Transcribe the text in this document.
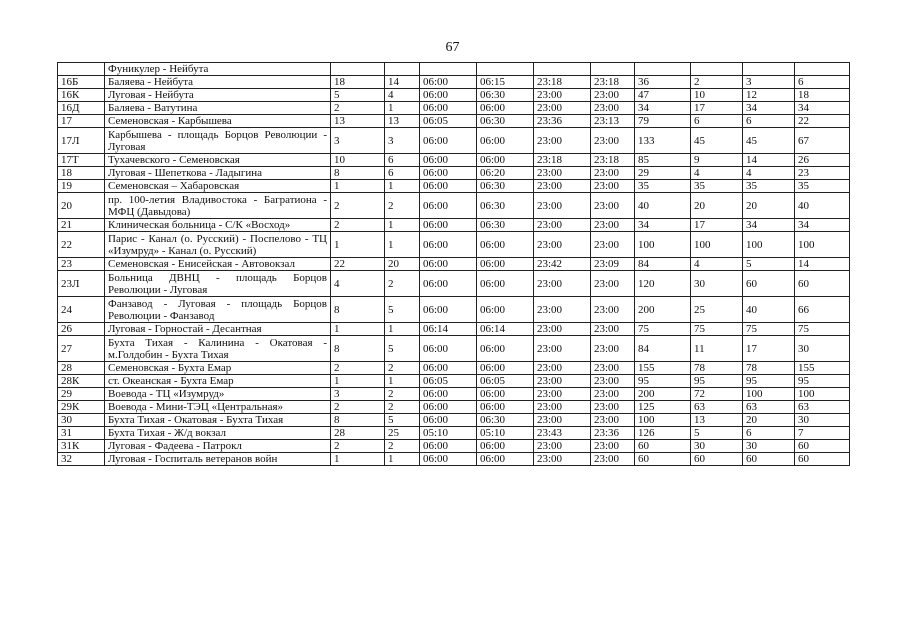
67
	Фуникулер - Нейбута										
16Б	Баляева - Нейбута	18	14	06:00	06:15	23:18	23:18	36	2	3	6
16К	Луговая - Нейбута	5	4	06:00	06:30	23:00	23:00	47	10	12	18
16Д	Баляева - Ватутина	2	1	06:00	06:00	23:00	23:00	34	17	34	34
17	Семеновская - Карбышева	13	13	06:05	06:30	23:36	23:13	79	6	6	22
17Л	Карбышева - площадь Борцов Революции - Луговая	3	3	06:00	06:00	23:00	23:00	133	45	45	67
17Т	Тухачевского - Семеновская	10	6	06:00	06:00	23:18	23:18	85	9	14	26
18	Луговая - Шепеткова - Ладыгина	8	6	06:00	06:20	23:00	23:00	29	4	4	23
19	Семеновская – Хабаровская	1	1	06:00	06:30	23:00	23:00	35	35	35	35
20	пр. 100-летия Владивостока - Багратиона - МФЦ (Давыдова)	2	2	06:00	06:30	23:00	23:00	40	20	20	40
21	Клиническая больница - С/К «Восход»	2	1	06:00	06:30	23:00	23:00	34	17	34	34
22	Парис - Канал (о. Русский) - Поспелово - ТЦ «Изумруд» - Канал (о. Русский)	1	1	06:00	06:00	23:00	23:00	100	100	100	100
23	Семеновская - Енисейская - Автовокзал	22	20	06:00	06:00	23:42	23:09	84	4	5	14
23Л	Больница ДВНЦ - площадь Борцов Революции - Луговая	4	2	06:00	06:00	23:00	23:00	120	30	60	60
24	Фанзавод - Луговая - площадь Борцов Революции - Фанзавод	8	5	06:00	06:00	23:00	23:00	200	25	40	66
26	Луговая - Горностай - Десантная	1	1	06:14	06:14	23:00	23:00	75	75	75	75
27	Бухта Тихая - Калинина - Окатовая - м.Голдобин - Бухта Тихая	8	5	06:00	06:00	23:00	23:00	84	11	17	30
28	Семеновская - Бухта Емар	2	2	06:00	06:00	23:00	23:00	155	78	78	155
28К	ст. Океанская - Бухта Емар	1	1	06:05	06:05	23:00	23:00	95	95	95	95
29	Воевода - ТЦ «Изумруд»	3	2	06:00	06:00	23:00	23:00	200	72	100	100
29К	Воевода - Мини-ТЭЦ «Центральная»	2	2	06:00	06:00	23:00	23:00	125	63	63	63
30	Бухта Тихая - Окатовая - Бухта Тихая	8	5	06:00	06:30	23:00	23:00	100	13	20	30
31	Бухта Тихая - Ж/д вокзал	28	25	05:10	05:10	23:43	23:36	126	5	6	7
31К	Луговая - Фадеева - Патрокл	2	2	06:00	06:00	23:00	23:00	60	30	30	60
32	Луговая - Госпиталь ветеранов войн	1	1	06:00	06:00	23:00	23:00	60	60	60	60
